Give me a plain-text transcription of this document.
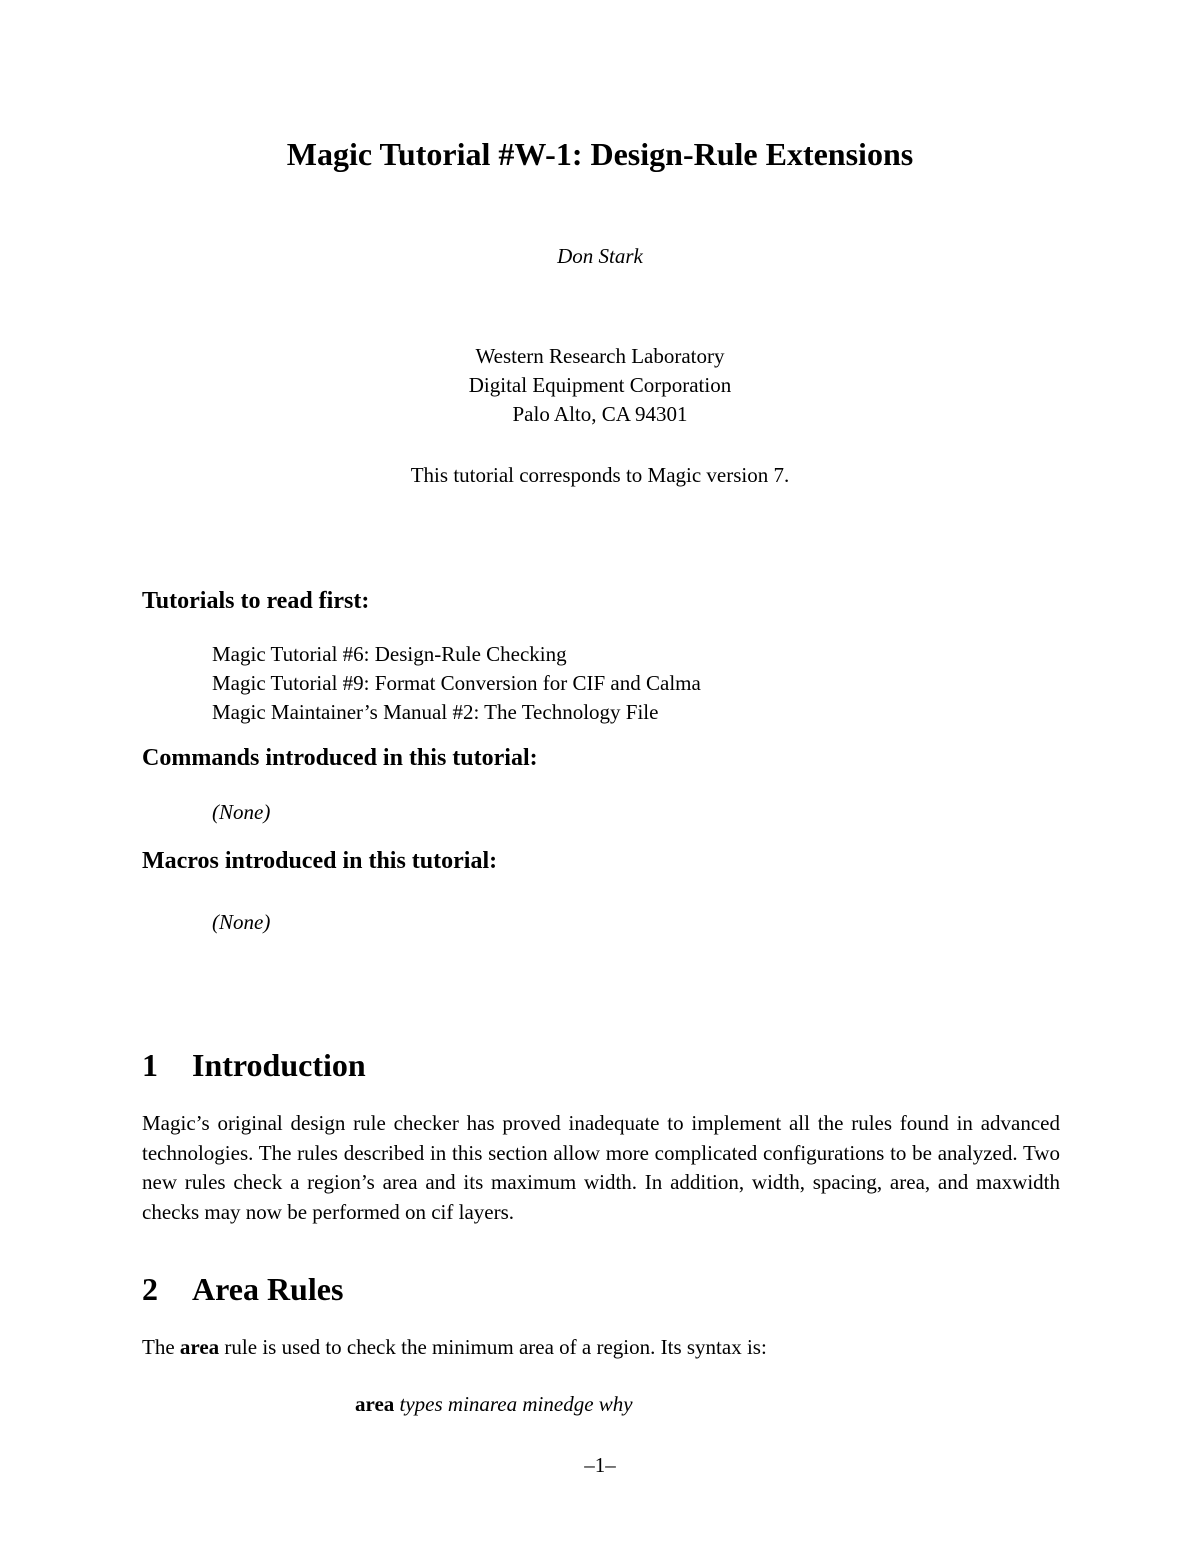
Magic Tutorial #W-1: Design-Rule Extensions
Don Stark
Western Research Laboratory
Digital Equipment Corporation
Palo Alto, CA 94301
This tutorial corresponds to Magic version 7.
Tutorials to read first:
Magic Tutorial #6: Design-Rule Checking
Magic Tutorial #9: Format Conversion for CIF and Calma
Magic Maintainer’s Manual #2: The Technology File
Commands introduced in this tutorial:
(None)
Macros introduced in this tutorial:
(None)
1 Introduction
Magic’s original design rule checker has proved inadequate to implement all the rules found in advanced technologies. The rules described in this section allow more complicated configurations to be analyzed. Two new rules check a region’s area and its maximum width. In addition, width, spacing, area, and maxwidth checks may now be performed on cif layers.
2 Area Rules
The area rule is used to check the minimum area of a region. Its syntax is:
area types minarea minedge why
–1–
